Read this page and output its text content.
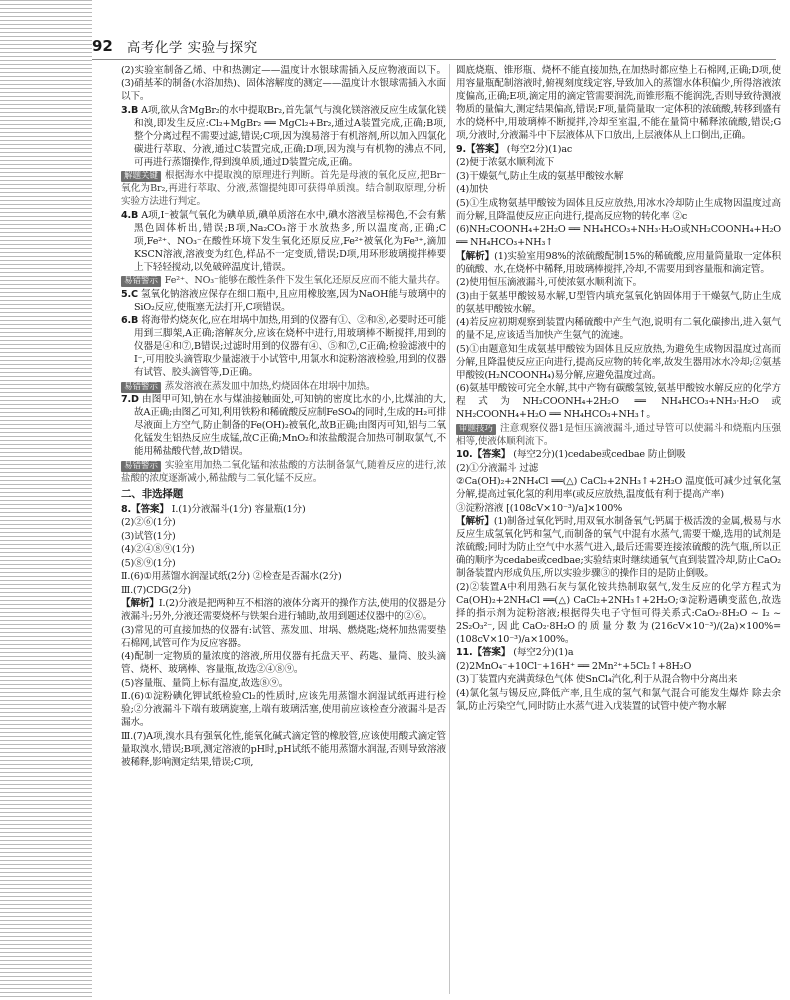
92 高考化学 实验与探究
(2)实验室制备乙烯、中和热测定——温度计水银球需插入反应物液面以下。(3)硝基苯的制备(水浴加热)、固体溶解度的测定——温度计水银球需插入水面以下。
3.B A项,欲从含MgBr₂的水中提取Br₂,首先氯气与溴化镁溶液反应生成氯化镁和溴,即发生反应:Cl₂+MgBr₂ ══ MgCl₂+Br₂,通过A装置完成,正确;B项,整个分离过程不需要过滤,错误;C项,因为溴易溶于有机溶剂,所以加入四氯化碳进行萃取、分液,通过C装置完成,正确;D项,因为溴与有机物的沸点不同,可再进行蒸馏操作,得到溴单质,通过D装置完成,正确。
解题关键 根据海水中提取溴的原理进行判断。首先是母液的氧化反应,把Br⁻氧化为Br₂,再进行萃取、分液,蒸馏提纯即可获得单质溴。结合制取原理,分析实验方法进行判定。
4.B A项,I⁻被氯气氧化为碘单质,碘单质溶在水中,碘水溶液呈棕褐色,不会有紫黑色固体析出,错误;B项,Na₂CO₃溶于水放热多,所以温度高,正确;C项,Fe²⁺、NO₃⁻在酸性环境下发生氧化还原反应,Fe²⁺被氧化为Fe³⁺,滴加KSCN溶液,溶液变为红色,样品不一定变质,错误;D项,用环形玻璃搅拌棒要上下轻轻搅动,以免破碎温度计,错误。
易错警示 Fe²⁺、NO₃⁻能够在酸性条件下发生氧化还原反应而不能大量共存。
5.C 氢氧化钠溶液应保存在细口瓶中,且应用橡胶塞,因为NaOH能与玻璃中的SiO₂反应,使瓶塞无法打开,C项错误。
6.B 将海带灼烧灰化,应在坩埚中加热,用到的仪器有①、②和⑧,必要时还可能用到三脚架,A正确;溶解灰分,应该在烧杯中进行,用玻璃棒不断搅拌,用到的仪器是④和⑦,B错误;过滤时用到的仪器有④、⑤和⑦,C正确;检验滤液中的I⁻,可用胶头滴管取少量滤液于小试管中,用氯水和淀粉溶液检验,用到的仪器有试管、胶头滴管等,D正确。
易错警示 蒸发溶液在蒸发皿中加热,灼烧固体在坩埚中加热。
7.D 由图甲可知,钠在水与煤油接触面处,可知钠的密度比水的小,比煤油的大,故A正确;由图乙可知,利用铁粉和稀硫酸反应制FeSO₄的同时,生成的H₂可排尽液面上方空气,防止制备的Fe(OH)₂被氧化,故B正确;由图丙可知,铝与二氧化锰发生铝热反应生成锰,故C正确;MnO₂和浓盐酸混合加热可制取氯气,不能用稀盐酸代替,故D错误。
易错警示 实验室用加热二氧化锰和浓盐酸的方法制备氯气,随着反应的进行,浓盐酸的浓度逐渐减小,稀盐酸与二氧化锰不反应。
二、非选择题
8.【答案】 Ⅰ.(1)分液漏斗(1分) 容量瓶(1分)
(2)②⑥(1分)
(3)试管(1分)
(4)②④⑧⑨(1分)
(5)⑧⑨(1分)
Ⅱ.(6)①用蒸馏水润湿试纸(2分) ②检查是否漏水(2分)
Ⅲ.(7)CDG(2分)
【解析】Ⅰ.(2)分液是把两种互不相溶的液体分离开的操作方法,使用的仪器是分液漏斗;另外,分液还需要烧杯与铁架台进行辅助,故用到题述仪器中的②⑥。
(3)常见的可直接加热的仪器有:试管、蒸发皿、坩埚、燃烧匙;烧杯加热需要垫石棉网,试管可作为反应容器。
(4)配制一定物质的量浓度的溶液,所用仪器有托盘天平、药匙、量筒、胶头滴管、烧杯、玻璃棒、容量瓶,故选②④⑧⑨。
(5)容量瓶、量筒上标有温度,故选⑧⑨。
Ⅱ.(6)①淀粉碘化钾试纸检验Cl₂的性质时,应该先用蒸馏水润湿试纸再进行检验;②分液漏斗下端有玻璃旋塞,上端有玻璃活塞,使用前应该检查分液漏斗是否漏水。
Ⅲ.(7)A项,溴水具有强氧化性,能氧化碱式滴定管的橡胶管,应该使用酸式滴定管量取溴水,错误;B项,测定溶液的pH时,pH试纸不能用蒸馏水润湿,否则导致溶液被稀释,影响测定结果,错误;C项,
圆底烧瓶、锥形瓶、烧杯不能直接加热,在加热时都应垫上石棉网,正确;D项,使用容量瓶配制溶液时,俯视刻度线定容,导致加入的蒸馏水体积偏少,所得溶液浓度偏高,正确;E项,滴定用的滴定管需要润洗,而锥形瓶不能润洗,否则导致待测液物质的量偏大,测定结果偏高,错误;F项,量筒量取一定体积的浓硫酸,转移到盛有水的烧杯中,用玻璃棒不断搅拌,冷却至室温,不能在量筒中稀释浓硫酸,错误;G项,分液时,分液漏斗中下层液体从下口放出,上层液体从上口倒出,正确。
9.【答案】 (每空2分)(1)ac
(2)便于浓氨水顺利流下
(3)干燥氨气,防止生成的氨基甲酸铵水解
(4)加快
(5)①生成物氨基甲酸铵为固体且反应放热,用冰水冷却防止生成物因温度过高而分解,且降温使反应正向进行,提高反应物的转化率 ②c
(6)NH₂COONH₄+2H₂O ══ NH₄HCO₃+NH₃·H₂O或NH₂COONH₄+H₂O ══ NH₄HCO₃+NH₃↑
【解析】(1)实验室用98%的浓硫酸配制15%的稀硫酸,应用量筒量取一定体积的硫酸、水,在烧杯中稀释,用玻璃棒搅拌,冷却,不需要用到容量瓶和滴定管。
(2)使用恒压滴液漏斗,可使浓氨水顺利流下。
(3)由于氨基甲酸铵易水解,U型管内填充氢氧化钠固体用于干燥氨气,防止生成的氨基甲酸铵水解。
(4)若反应初期观察到装置内稀硫酸中产生气泡,说明有二氧化碳掺出,进入氨气的量不足,应该适当加快产生氨气的流速。
(5)①由题意知生成氨基甲酸铵为固体且反应放热,为避免生成物因温度过高而分解,且降温使反应正向进行,提高反应物的转化率,故发生器用冰水冷却;②氨基甲酸铵(H₂NCOONH₄)易分解,应避免温度过高。
(6)氨基甲酸铵可完全水解,其中产物有碳酸氢铵,氨基甲酸铵水解反应的化学方程式为NH₂COONH₄+2H₂O ══ NH₄HCO₃+NH₃·H₂O或NH₂COONH₄+H₂O ══ NH₄HCO₃+NH₃↑。
审题技巧 注意观察仪器1是恒压滴液漏斗,通过导管可以使漏斗和烧瓶内压强相等,使液体顺利流下。
10.【答案】 (每空2分)(1)cedabe或cedbae 防止倒吸
(2)①分液漏斗 过滤
②Ca(OH)₂+2NH₄Cl ══(△) CaCl₂+2NH₃↑+2H₂O 温度低可减少过氧化氢分解,提高过氧化氢的利用率(或反应放热,温度低有利于提高产率)
③淀粉溶液 [(108cV×10⁻³)/a]×100%
【解析】(1)制备过氧化钙时,用双氧水制备氧气;钙属于极活泼的金属,极易与水反应生成氢氧化钙和氢气,而制备的氧气中混有水蒸气,需要干燥,选用的试剂是浓硫酸;同时为防止空气中水蒸气进入,最后还需要连接浓硫酸的洗气瓶,所以正确的顺序为cedabe或cedbae;实验结束时继续通氧气直到装置冷却,防止CaO₂制备装置内形成负压,所以实验步骤③的操作目的是防止倒吸。
(2)②装置A中利用熟石灰与氯化铵共热制取氨气,发生反应的化学方程式为Ca(OH)₂+2NH₄Cl ══(△) CaCl₂+2NH₃↑+2H₂O;③淀粉遇碘变蓝色,故选择的指示剂为淀粉溶液;根据得失电子守恒可得关系式:CaO₂·8H₂O ~ I₂ ~ 2S₂O₃²⁻,因此CaO₂·8H₂O的质量分数为(216cV×10⁻³)/(2a)×100%=(108cV×10⁻³)/a×100%。
11.【答案】 (每空2分)(1)a
(2)2MnO₄⁻+10Cl⁻+16H⁺ ══ 2Mn²⁺+5Cl₂↑+8H₂O
(3)丁装置内充满黄绿色气体 使SnCl₄汽化,利于从混合物中分离出来
(4)氯化氢与锡反应,降低产率,且生成的氢气和氯气混合可能发生爆炸 除去余氯,防止污染空气,同时防止水蒸气进入戊装置的试管中使产物水解
